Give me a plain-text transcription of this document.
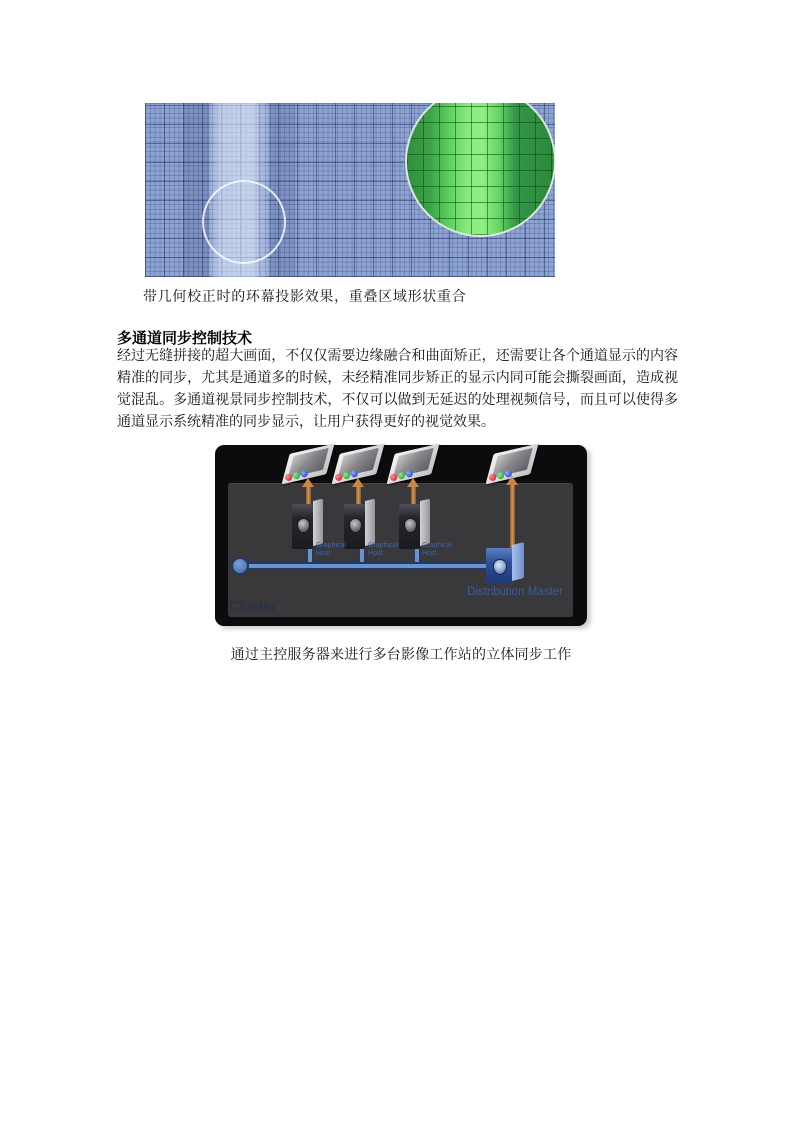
带几何校正时的环幕投影效果，重叠区域形状重合
多通道同步控制技术
经过无缝拼接的超大画面，不仅仅需要边缘融合和曲面矫正，还需要让各个通道显示的内容精准的同步，尤其是通道多的时候，未经精准同步矫正的显示内同可能会撕裂画面，造成视觉混乱。多通道视景同步控制技术，不仅可以做到无延迟的处理视频信号，而且可以使得多通道显示系统精准的同步显示，让用户获得更好的视觉效果。
Graphical Host
Graphical Host
Graphical Host
Distribution Master
Cluster
通过主控服务器来进行多台影像工作站的立体同步工作
